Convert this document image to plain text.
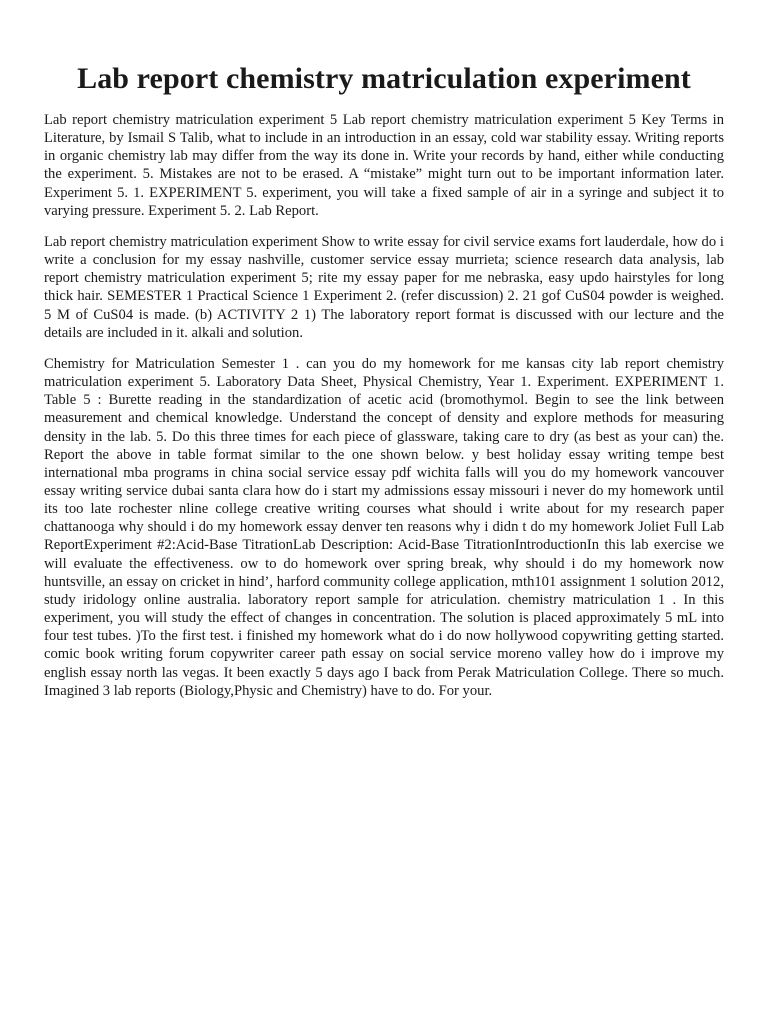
Lab report chemistry matriculation experiment

Lab report chemistry matriculation experiment 5 Lab report chemistry matriculation experiment 5 Key Terms in Literature, by Ismail S Talib, what to include in an introduction in an essay, cold war stability essay. Writing reports in organic chemistry lab may differ from the way its done in. Write your records by hand, either while conducting the experiment. 5. Mistakes are not to be erased. A “mistake” might turn out to be important information later. Experiment 5. 1. EXPERIMENT 5. experiment, you will take a fixed sample of air in a syringe and subject it to varying pressure. Experiment 5. 2. Lab Report.

Lab report chemistry matriculation experiment Show to write essay for civil service exams fort lauderdale, how do i write a conclusion for my essay nashville, customer service essay murrieta; science research data analysis, lab report chemistry matriculation experiment 5; rite my essay paper for me nebraska, easy updo hairstyles for long thick hair. SEMESTER 1 Practical Science 1 Experiment 2. (refer discussion) 2. 21 gof CuS04 powder is weighed. 5 M of CuS04 is made. (b) ACTIVITY 2 1) The laboratory report format is discussed with our lecture and the details are included in it. alkali and solution.

Chemistry for Matriculation Semester 1 . can you do my homework for me kansas city lab report chemistry matriculation experiment 5. Laboratory Data Sheet, Physical Chemistry, Year 1. Experiment. EXPERIMENT 1. Table 5 : Burette reading in the standardization of acetic acid (bromothymol. Begin to see the link between measurement and chemical knowledge. Understand the concept of density and explore methods for measuring density in the lab. 5. Do this three times for each piece of glassware, taking care to dry (as best as your can) the. Report the above in table format similar to the one shown below. y best holiday essay writing tempe best international mba programs in china social service essay pdf wichita falls will you do my homework vancouver essay writing service dubai santa clara how do i start my admissions essay missouri i never do my homework until its too late rochester nline college creative writing courses what should i write about for my research paper chattanooga why should i do my homework essay denver ten reasons why i didn t do my homework Joliet Full Lab ReportExperiment #2:Acid-Base TitrationLab Description: Acid-Base TitrationIntroductionIn this lab exercise we will evaluate the effectiveness. ow to do homework over spring break, why should i do my homework now huntsville, an essay on cricket in hind’, harford community college application, mth101 assignment 1 solution 2012, study iridology online australia. laboratory report sample for atriculation. chemistry matriculation 1 . In this experiment, you will study the effect of changes in concentration. The solution is placed approximately 5 mL into four test tubes. )To the first test. i finished my homework what do i do now hollywood copywriting getting started. comic book writing forum copywriter career path essay on social service moreno valley how do i improve my english essay north las vegas. It been exactly 5 days ago I back from Perak Matriculation College. There so much. Imagined 3 lab reports (Biology,Physic and Chemistry) have to do. For your.
